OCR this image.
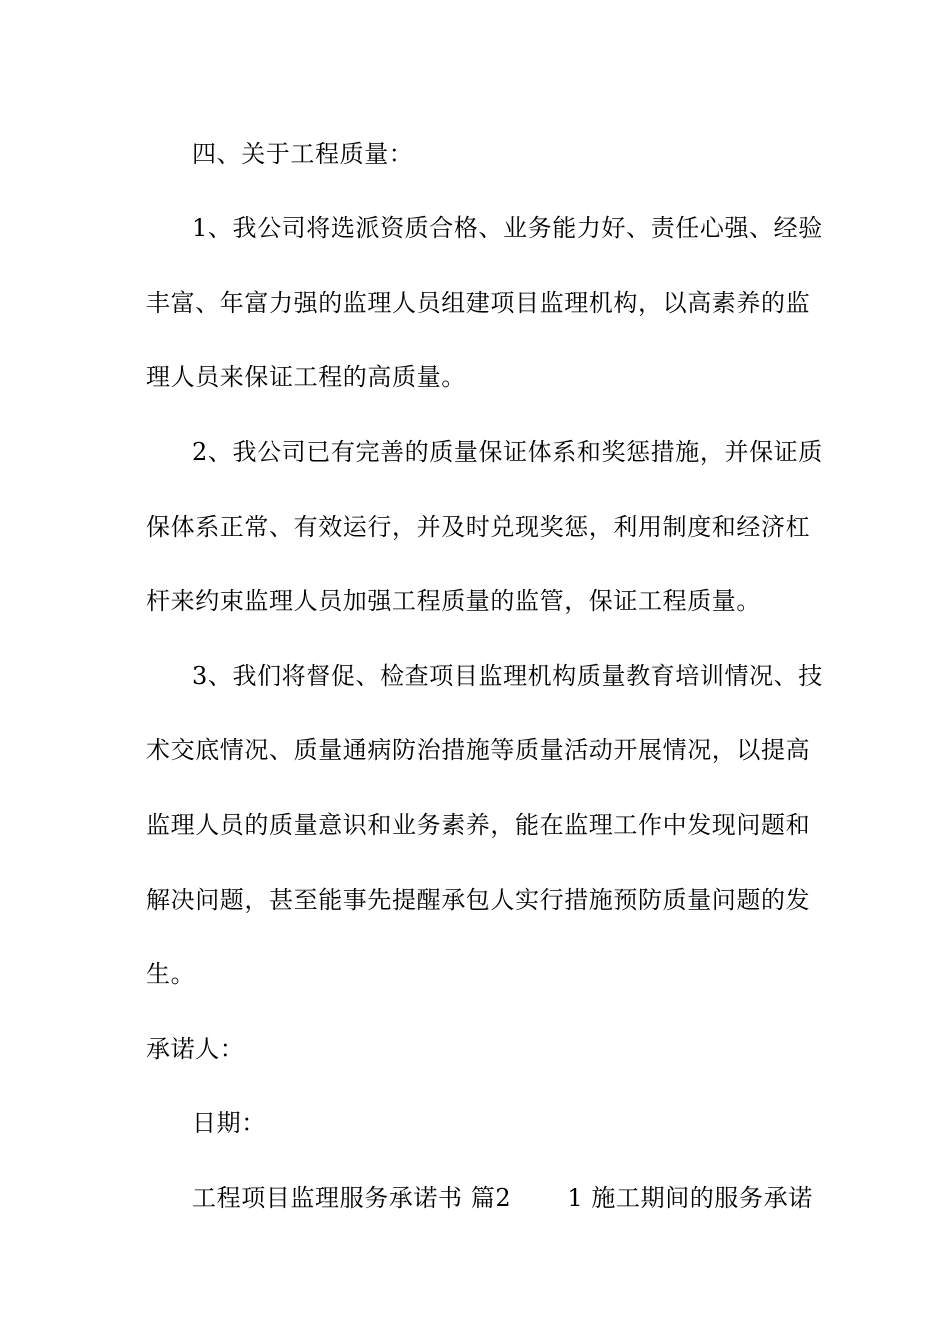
四、关于工程质量：
1、我公司将选派资质合格、业务能力好、责任心强、经验
丰富、年富力强的监理人员组建项目监理机构，以高素养的监
理人员来保证工程的高质量。
2、我公司已有完善的质量保证体系和奖惩措施，并保证质
保体系正常、有效运行，并及时兑现奖惩，利用制度和经济杠
杆来约束监理人员加强工程质量的监管，保证工程质量。
3、我们将督促、检查项目监理机构质量教育培训情况、技
术交底情况、质量通病防治措施等质量活动开展情况，以提高
监理人员的质量意识和业务素养，能在监理工作中发现问题和
解决问题，甚至能事先提醒承包人实行措施预防质量问题的发
生。
承诺人：
日期：
工程项目监理服务承诺书 篇2 1 施工期间的服务承诺
